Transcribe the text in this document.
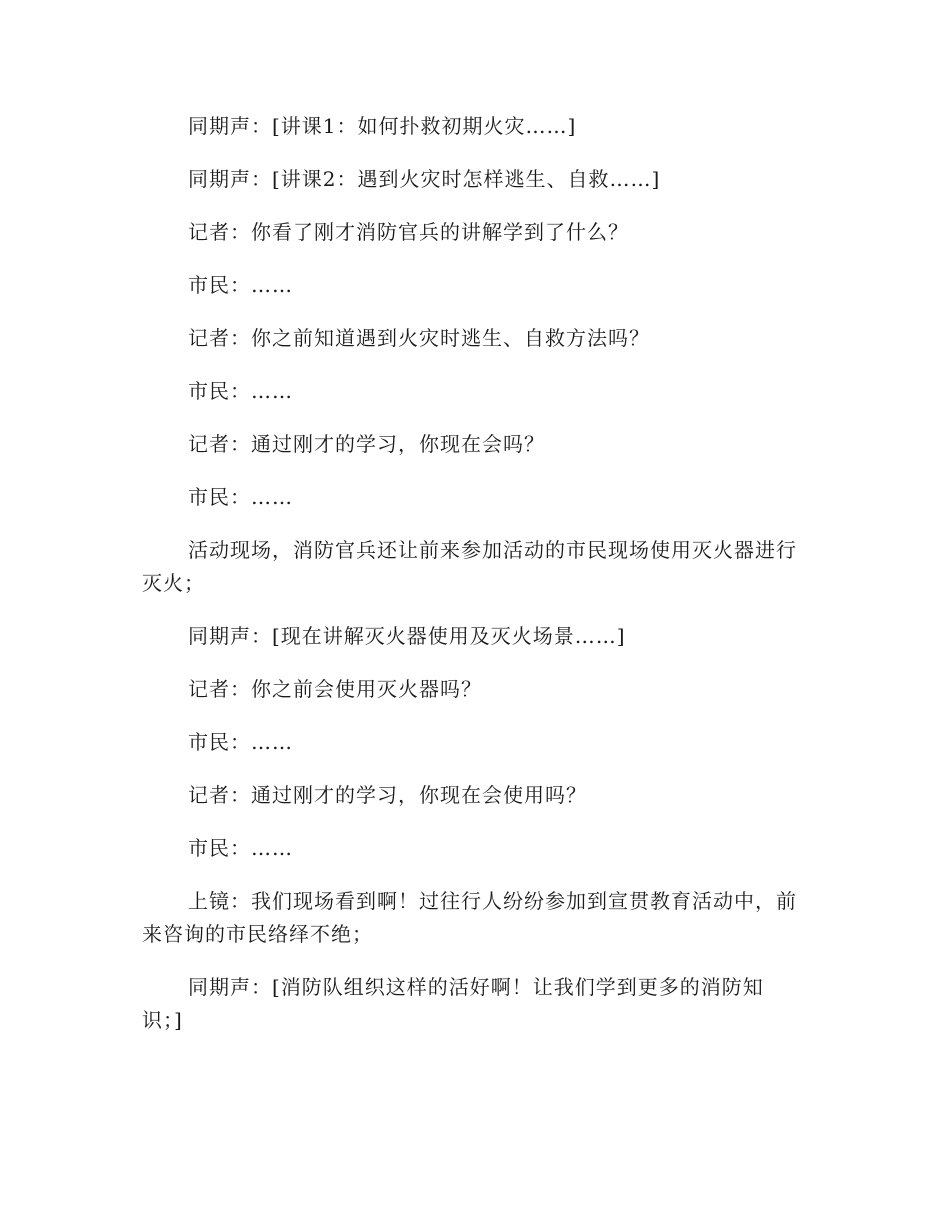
同期声：[讲课1：如何扑救初期火灾……]

同期声：[讲课2：遇到火灾时怎样逃生、自救……]

记者：你看了刚才消防官兵的讲解学到了什么？

市民：……

记者：你之前知道遇到火灾时逃生、自救方法吗？

市民：……

记者：通过刚才的学习，你现在会吗？

市民：……

活动现场，消防官兵还让前来参加活动的市民现场使用灭火器进行灭火；

同期声：[现在讲解灭火器使用及灭火场景……]

记者：你之前会使用灭火器吗？

市民：……

记者：通过刚才的学习，你现在会使用吗？

市民：……

上镜：我们现场看到啊！过往行人纷纷参加到宣贯教育活动中，前来咨询的市民络绎不绝；

同期声：[消防队组织这样的活好啊！让我们学到更多的消防知识；]
